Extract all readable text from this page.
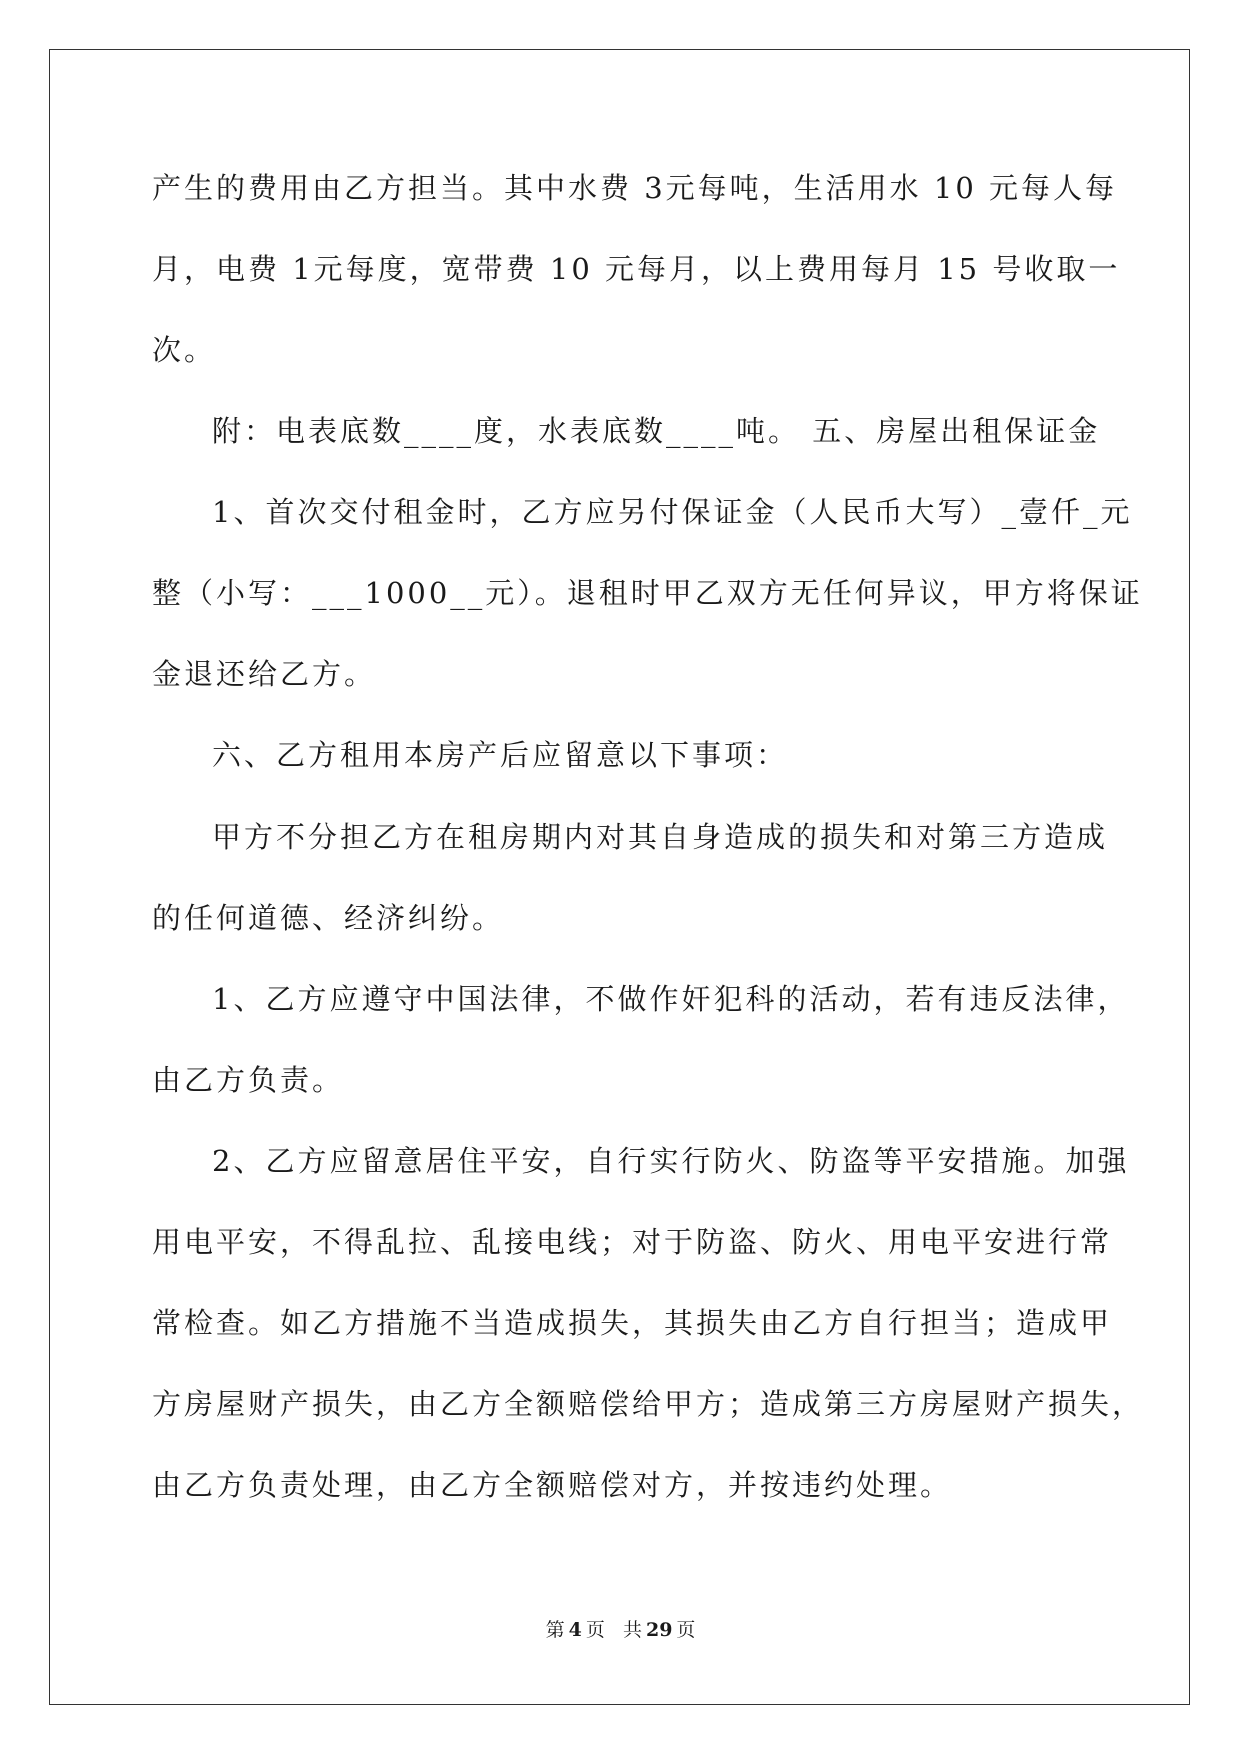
产生的费用由乙方担当。其中水费 3元每吨，生活用水 10 元每人每
月，电费 1元每度，宽带费 10 元每月，以上费用每月 15 号收取一
次。
附：电表底数____度，水表底数____吨。 五、房屋出租保证金
1、首次交付租金时，乙方应另付保证金（人民币大写）_壹仟_元
整（小写：___1000__元）。退租时甲乙双方无任何异议，甲方将保证
金退还给乙方。
六、乙方租用本房产后应留意以下事项：
甲方不分担乙方在租房期内对其自身造成的损失和对第三方造成
的任何道德、经济纠纷。
1、乙方应遵守中国法律，不做作奸犯科的活动，若有违反法律，
由乙方负责。
2、乙方应留意居住平安，自行实行防火、防盗等平安措施。加强
用电平安，不得乱拉、乱接电线；对于防盗、防火、用电平安进行常
常检查。如乙方措施不当造成损失，其损失由乙方自行担当；造成甲
方房屋财产损失，由乙方全额赔偿给甲方；造成第三方房屋财产损失，
由乙方负责处理，由乙方全额赔偿对方，并按违约处理。
第 4 页 共 29 页
